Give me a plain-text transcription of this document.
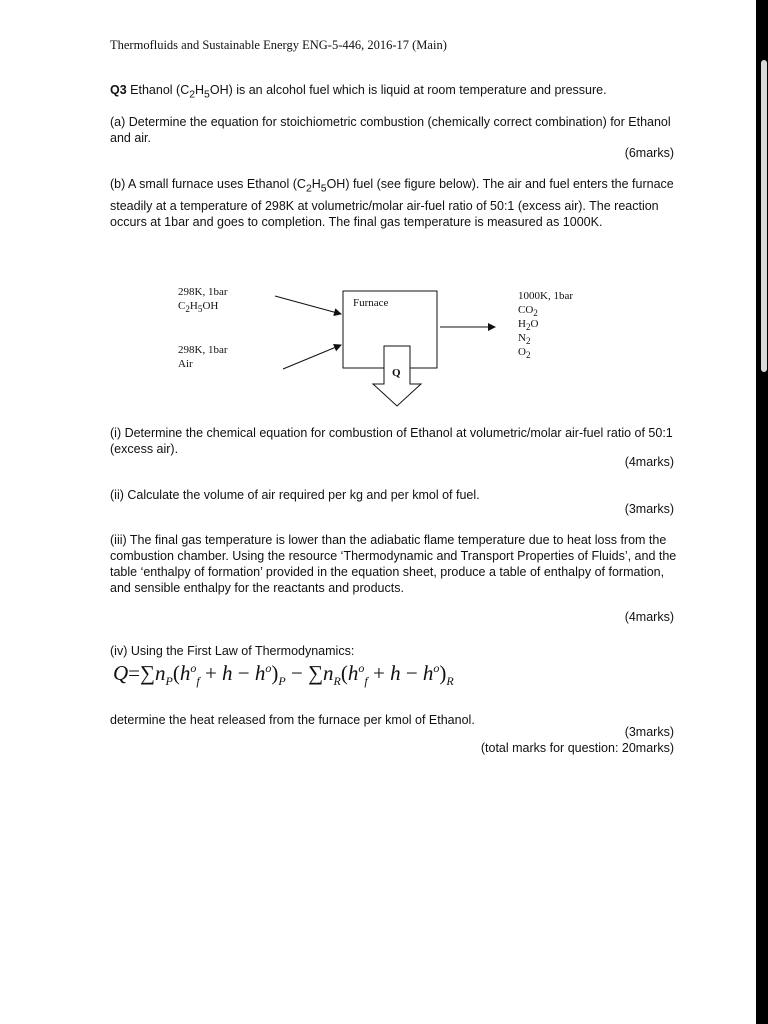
Thermofluids and Sustainable Energy ENG-5-446, 2016-17 (Main)
Q3 Ethanol $(C_2H_5OH)$ is an alcohol fuel which is liquid at room temperature and pressure.
(a) Determine the equation for stoichiometric combustion (chemically correct combination) for Ethanol and air.
(6marks)
(b) A small furnace uses Ethanol $(C_2H_5OH)$ fuel (see figure below). The air and fuel enters the furnace steadily at a temperature of 298K at volumetric/molar air-fuel ratio of 50:1 (excess air). The reaction occurs at 1bar and goes to completion. The final gas temperature is measured as 1000K.
298K, 1bar
$C_2H_5OH$
298K, 1bar
Air
Furnace
Q
1000K, 1bar
$CO_2$
$H_2O$
$N_2$
$O_2$
(i) Determine the chemical equation for combustion of Ethanol at volumetric/molar air-fuel ratio of 50:1 (excess air).
(4marks)
(ii) Calculate the volume of air required per kg and per kmol of fuel.
(3marks)
(iii) The final gas temperature is lower than the adiabatic flame temperature due to heat loss from the combustion chamber. Using the resource ‘Thermodynamic and Transport Properties of Fluids’, and the table ‘enthalpy of formation’ provided in the equation sheet, produce a table of enthalpy of formation, and sensible enthalpy for the reactants and products.
(4marks)
(iv) Using the First Law of Thermodynamics:
$Q=\sum n_P(h^o_f + h - h^o)_P - \sum n_R(h^o_f + h - h^o)_R$
determine the heat released from the furnace per kmol of Ethanol.
(3marks)
(total marks for question: 20marks)
